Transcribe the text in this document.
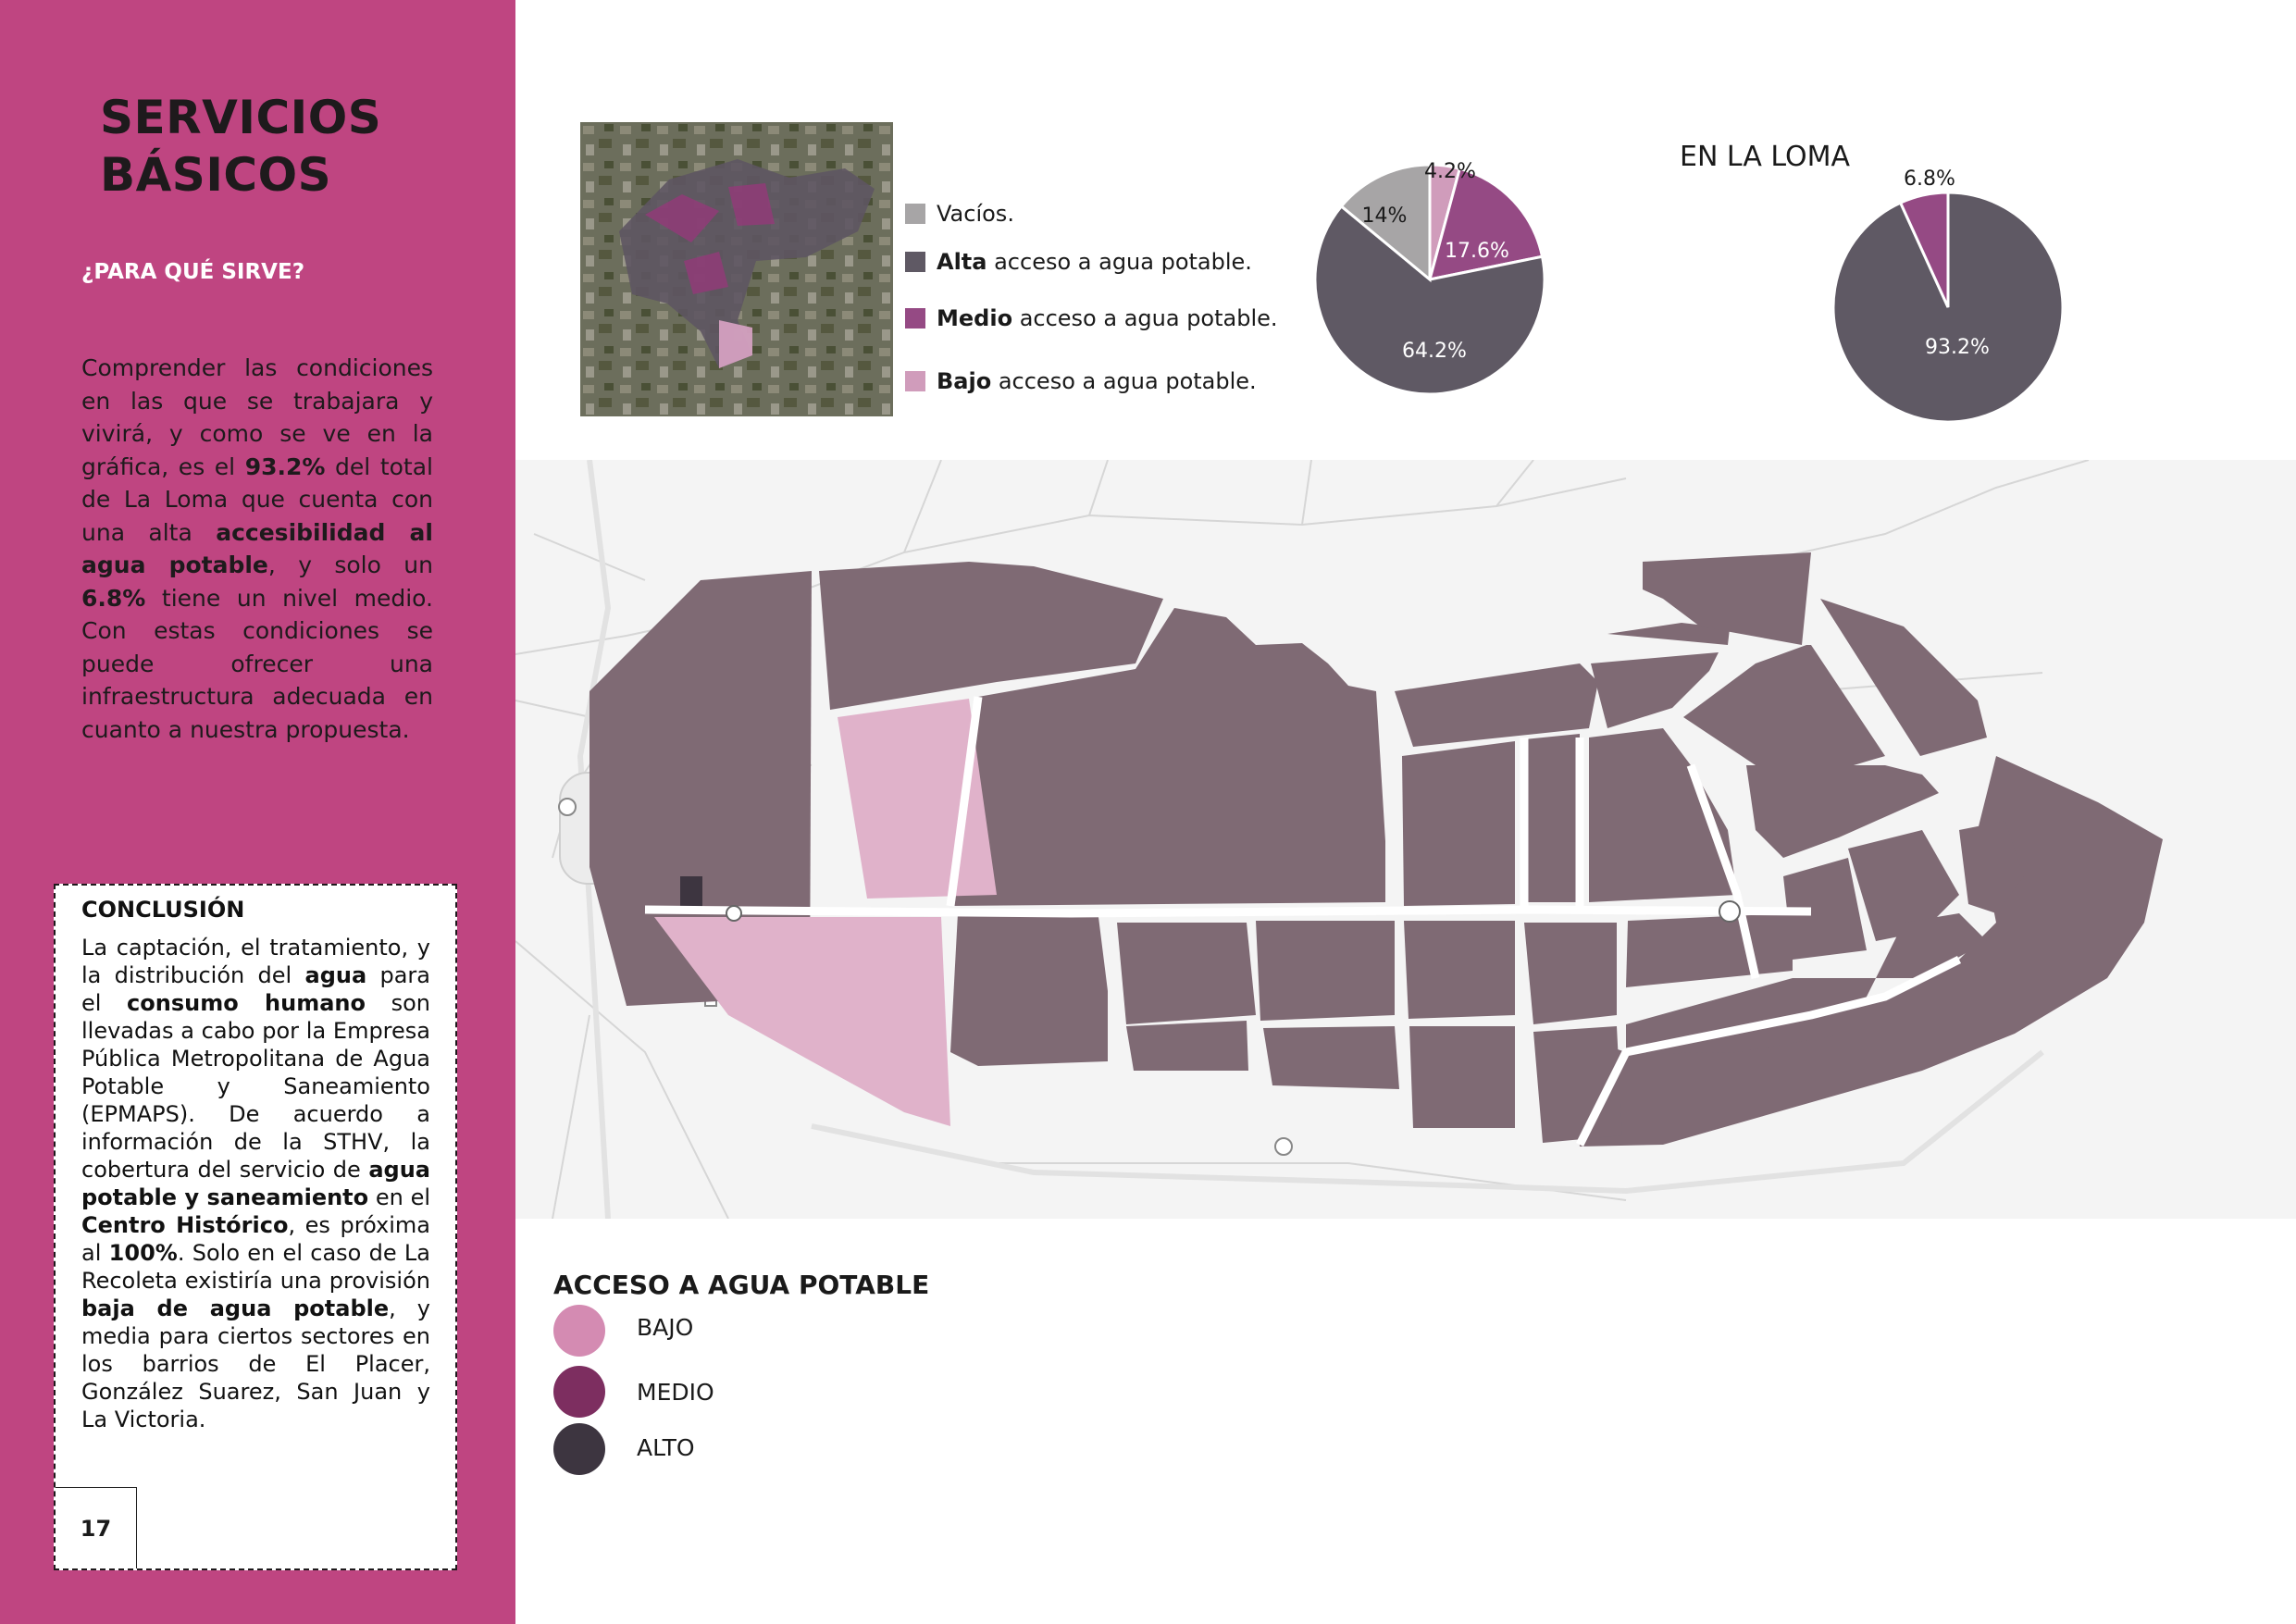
SERVICIOS
BÁSICOS
¿PARA QUÉ SIRVE?

Comprender las condiciones en las que se trabajara y vivirá, y como se ve en la gráfica, es el 93.2% del total de La Loma que cuenta con una alta accesibilidad al agua potable, y solo un 6.8% tiene un nivel medio. Con estas condiciones se puede ofrecer una infraestructura adecuada en cuanto a nuestra propuesta.

CONCLUSIÓN

La captación, el tratamiento, y la distribución del agua para el consumo humano son llevadas a cabo por la Empresa Pública Metropolitana de Agua Potable y Saneamiento (EPMAPS). De acuerdo a información de la STHV, la cobertura del servicio de agua potable y saneamiento en el Centro Histórico, es próxima al 100%. Solo en el caso de La Recoleta existiría una provisión baja de agua potable, y media para ciertos sectores en los barrios de El Placer, González Suarez, San Juan y La Victoria.

17
Vacíos.
Alta acceso a agua potable.
Medio acceso a agua potable.
Bajo acceso a agua potable.
4.2%
17.6%
64.2%
14%
EN LA LOMA
93.2%
6.8%
ACCESO A AGUA POTABLE
BAJO
MEDIO
ALTO
